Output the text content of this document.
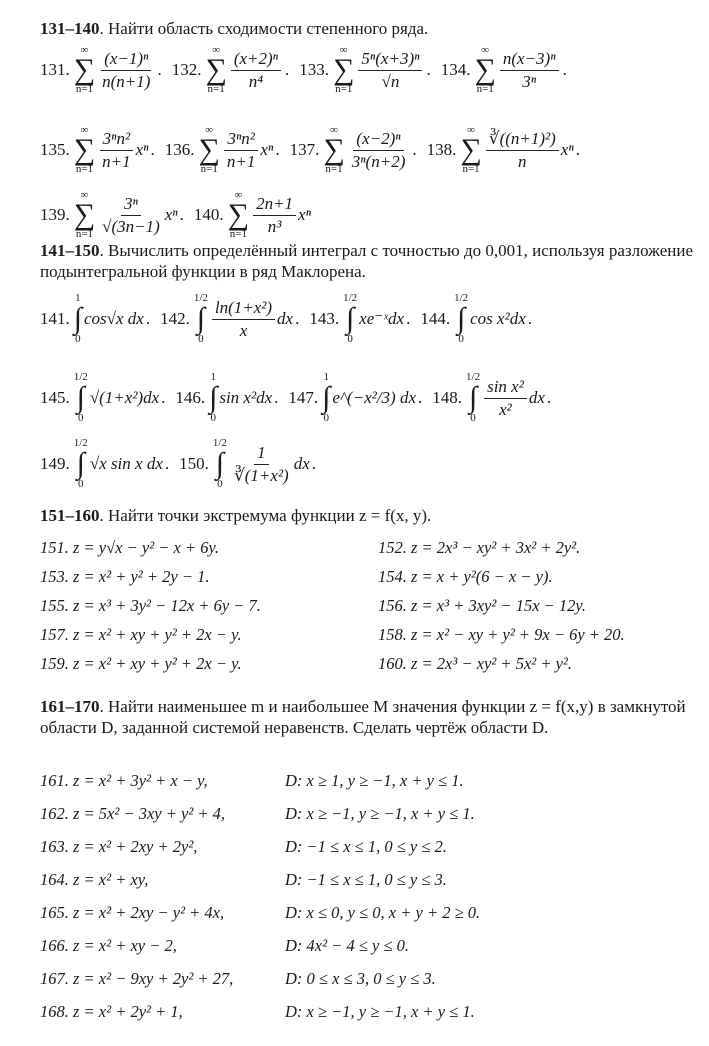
131–140. Найти область сходимости степенного ряда.
131.
∞
∑
$n=1 \frac{\text{(x−1)ⁿ}}{n(n+1)}$ . 132.
∞
∑
$n=1 \frac{\text{(x+2)ⁿ}}{\text{n⁴}}$ . 133.
∞
∑
$n=1 \frac{\text{5ⁿ(x+3)ⁿ}}{√n}$ . 134.
∞
∑
$n=1 \frac{\text{n(x−3)ⁿ}}{\text{3ⁿ}}$ .
135.
∞
∑
$n=1 \frac{\text{3ⁿn²}}{n+1}$ xⁿ . 136.
∞
∑
$n=1 \frac{\text{3ⁿn²}}{n+1}$ xⁿ . 137.
∞
∑
$n=1 \frac{\text{(x−2)ⁿ}}{\text{3ⁿ(n+2)}}$ . 138.
∞
∑
$n=1 \frac{\text{∛((n+1)²)}}{n}$ xⁿ .
139.
∞
∑
$n=1 \frac{\text{3ⁿ}}{√(3n-1)}$ xⁿ . 140.
∞
∑
$n=1 \frac{2n+1}{\text{n³}}$ xⁿ
141–150. Вычислить определённый интеграл с точностью до 0,001, используя разложение подынтегральной функции в ряд Маклорена.
141.
1
∫
0
cos√x dx . 142.
1/2
∫
$0 \frac{\text{ln(1+x²)}}{x}$ dx . 143.
1/2
∫
0
xe⁻ˣdx . 144.
1/2
∫
0
cos x²dx .
145.
1/2
∫
0
√(1+x²)dx . 146.
1
∫
0
sin x²dx . 147.
1
∫
0
e^(−x²/3) dx . 148.
1/2
∫
$0 \frac{\text{sin x²}}{\text{x²}}$ dx .
149.
1/2
∫
0
√x sin x dx . 150.
1/2
∫
$0 \frac{1}{\text{∛(1+x²)}}$ dx .
151–160. Найти точки экстремума функции z = f(x, y).
151. z = y√x − y² − x + 6y.	152. z = 2x³ − xy² + 3x² + 2y².
153. z = x² + y² + 2y − 1.	154. z = x + y²(6 − x − y).
155. z = x³ + 3y² − 12x + 6y − 7.	156. z = x³ + 3xy² − 15x − 12y.
157. z = x² + xy + y² + 2x − y.	158. z = x² − xy + y² + 9x − 6y + 20.
159. z = x² + xy + y² + 2x − y.	160. z = 2x³ − xy² + 5x² + y².
161–170. Найти наименьшее m и наибольшее M значения функции z = f(x,y) в замкнутой области D, заданной системой неравенств. Сделать чертёж области D.
161. z = x² + 3y² + x − y,	D: x ≥ 1, y ≥ −1, x + y ≤ 1.
162. z = 5x² − 3xy + y² + 4,	D: x ≥ −1, y ≥ −1, x + y ≤ 1.
163. z = x² + 2xy + 2y²,	D: −1 ≤ x ≤ 1, 0 ≤ y ≤ 2.
164. z = x² + xy,	D: −1 ≤ x ≤ 1, 0 ≤ y ≤ 3.
165. z = x² + 2xy − y² + 4x,	D: x ≤ 0, y ≤ 0, x + y + 2 ≥ 0.
166. z = x² + xy − 2,	D: 4x² − 4 ≤ y ≤ 0.
167. z = x² − 9xy + 2y² + 27,	D: 0 ≤ x ≤ 3, 0 ≤ y ≤ 3.
168. z = x² + 2y² + 1,	D: x ≥ −1, y ≥ −1, x + y ≤ 1.
